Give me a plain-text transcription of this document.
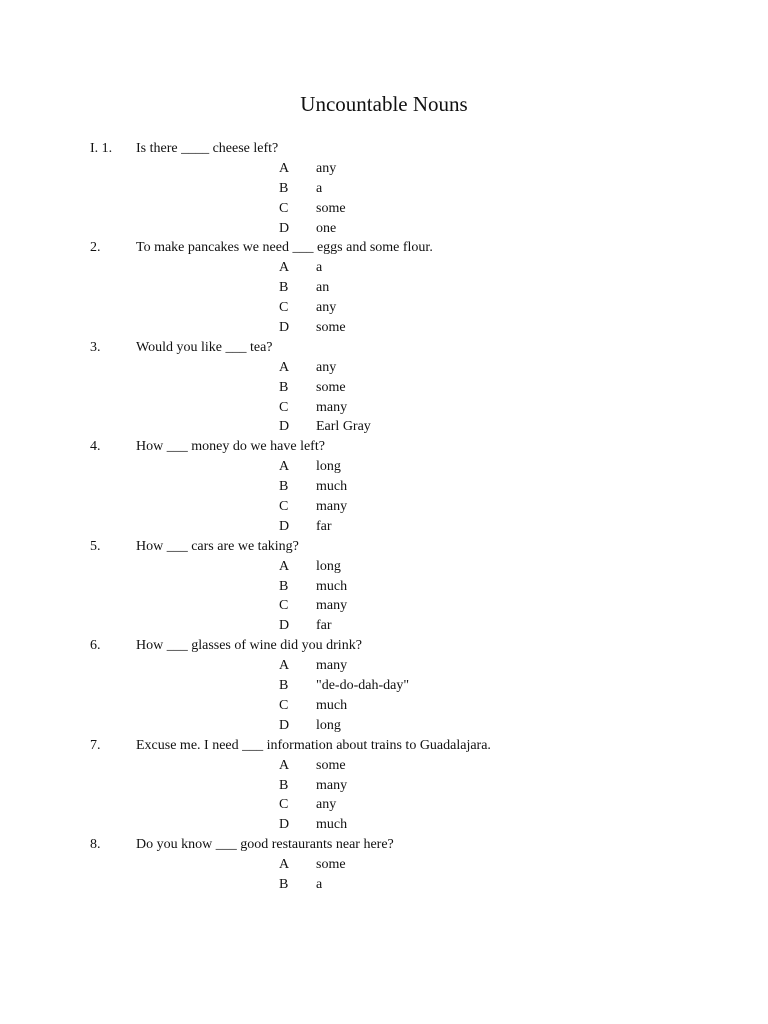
Uncountable Nouns
I. 1. Is there ____ cheese left?
A any
B a
C some
D one
2.	To make pancakes we need ___ eggs and some flour.
A a
B an
C any
D some
3.	Would you like ___ tea?
A any
B some
C many
D Earl Gray
4.	How ___ money do we have left?
A long
B much
C many
D far
5.	How ___ cars are we taking?
A long
B much
C many
D far
6.	How ___ glasses of wine did you drink?
A many
B "de-do-dah-day"
C much
D long
7.	Excuse me. I need ___ information about trains to Guadalajara.
A some
B many
C any
D much
8.	Do you know ___ good restaurants near here?
A some
B a
